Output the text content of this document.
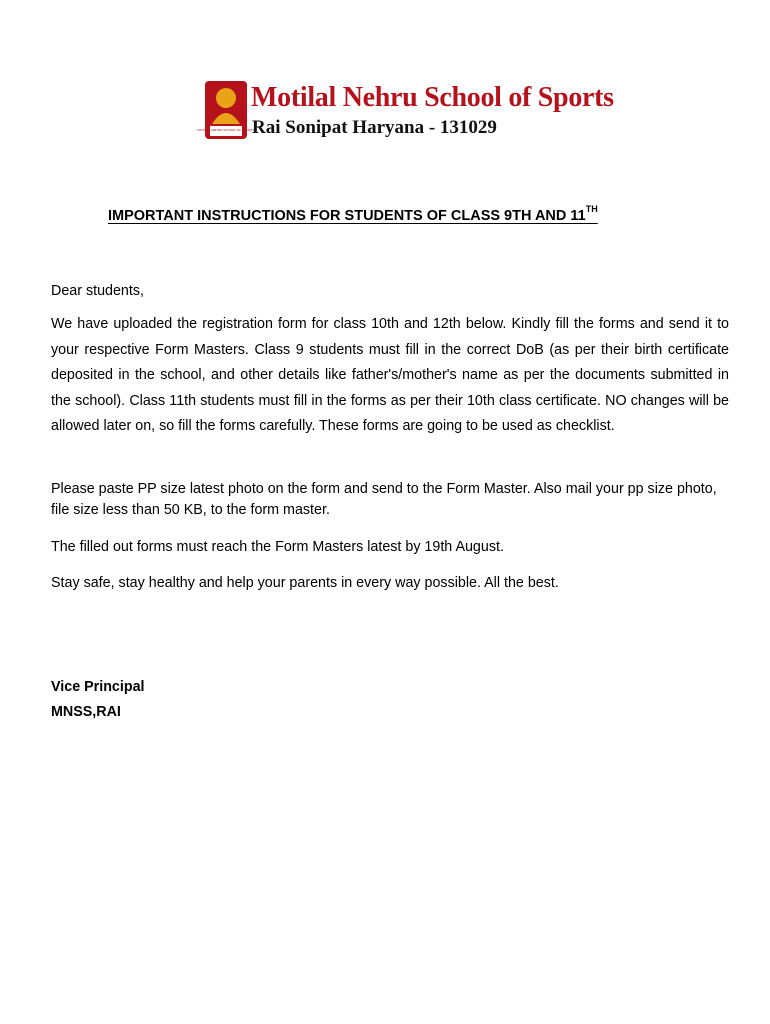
MOTILAL NEHRU SCHOOL OF SPORTS
Motilal Nehru School of Sports
Rai Sonipat Haryana - 131029
IMPORTANT INSTRUCTIONS FOR STUDENTS OF CLASS 9TH AND 11TH
Dear students,
We have uploaded the registration form for class 10th and 12th below. Kindly fill the forms and send it to your respective Form Masters. Class 9 students must fill in the correct DoB (as per their birth certificate deposited in the school, and other details like father's/mother's name as per the documents submitted in the school). Class 11th students must fill in the forms as per their 10th class certificate. NO changes will be allowed later on, so fill the forms carefully. These forms are going to be used as checklist.
Please paste PP size latest photo on the form and send to the Form Master. Also mail your pp size photo, file size less than 50 KB, to the form master.
The filled out forms must reach the Form Masters latest by 19th August.
Stay safe, stay healthy and help your parents in every way possible. All the best.
Vice Principal
MNSS,RAI
